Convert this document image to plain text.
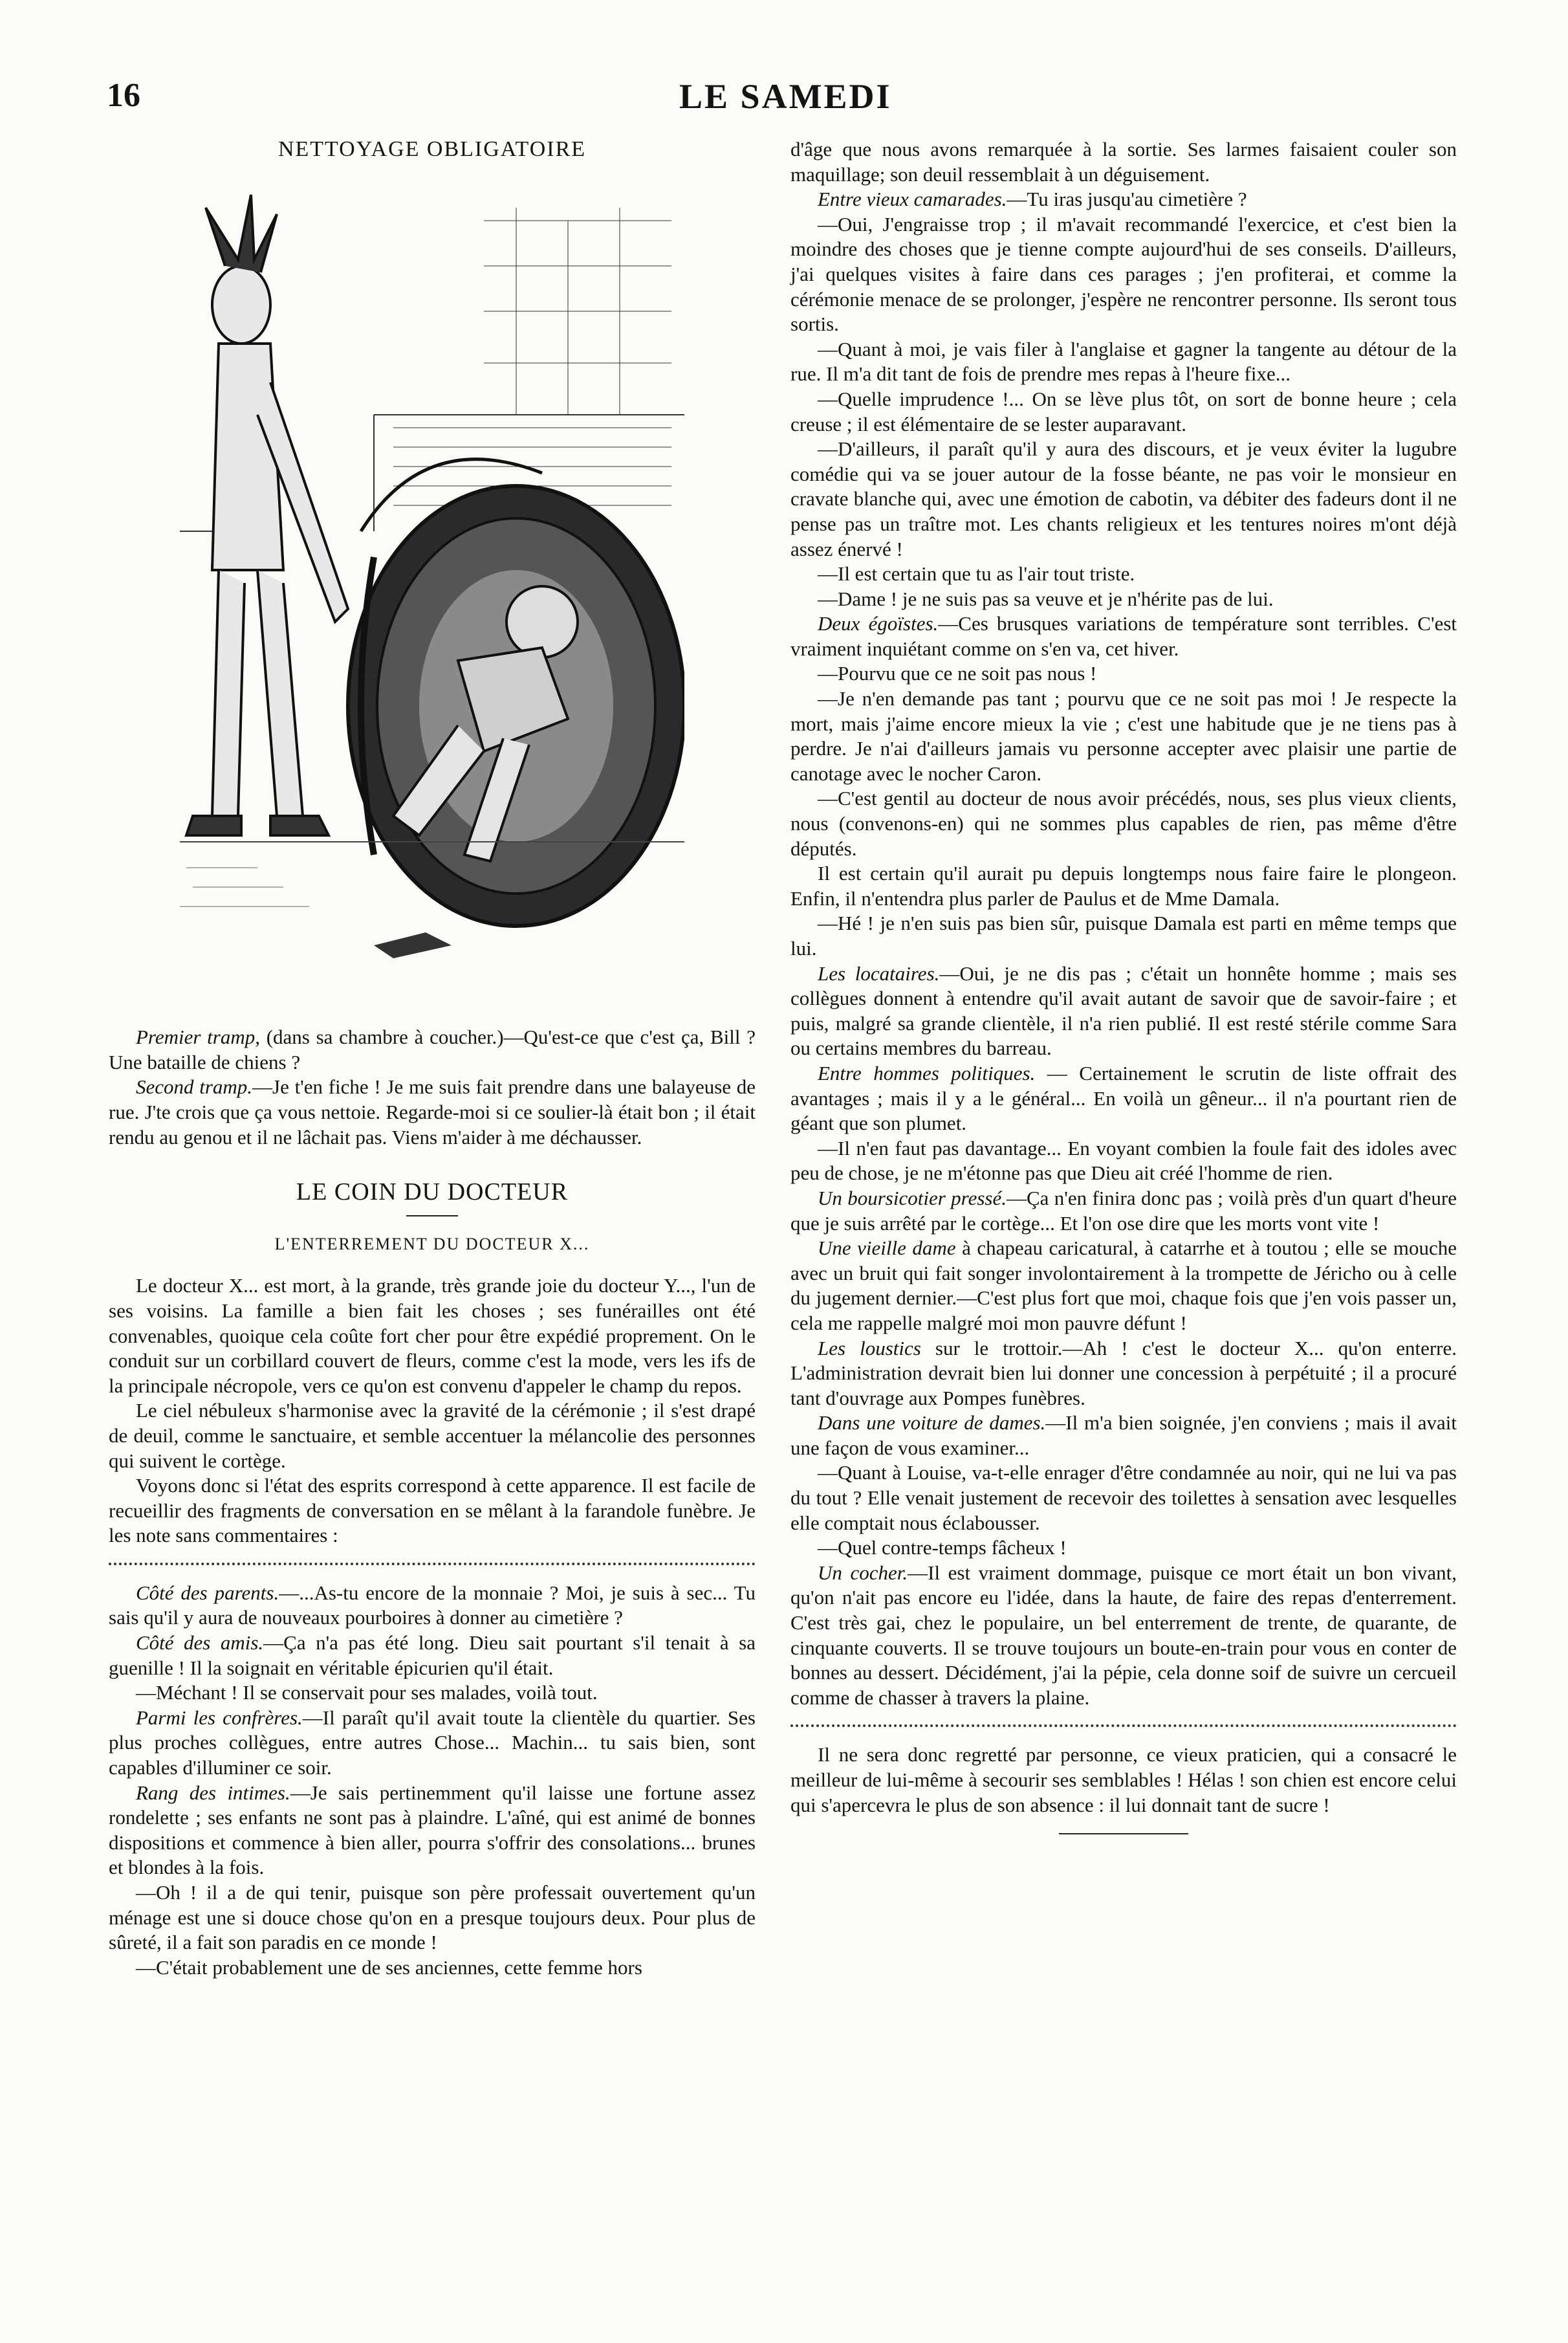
16	LE SAMEDI
NETTOYAGE OBLIGATOIRE

Premier tramp, (dans sa chambre à coucher.)—Qu'est-ce que c'est ça, Bill ? Une bataille de chiens ?

Second tramp.—Je t'en fiche ! Je me suis fait prendre dans une balayeuse de rue. J'te crois que ça vous nettoie. Regarde-moi si ce soulier-là était bon ; il était rendu au genou et il ne lâchait pas. Viens m'aider à me déchausser.

LE COIN DU DOCTEUR
L'ENTERREMENT DU DOCTEUR X...

Le docteur X... est mort, à la grande, très grande joie du docteur Y..., l'un de ses voisins. La famille a bien fait les choses ; ses funérailles ont été convenables, quoique cela coûte fort cher pour être expédié proprement. On le conduit sur un corbillard couvert de fleurs, comme c'est la mode, vers les ifs de la principale nécropole, vers ce qu'on est convenu d'appeler le champ du repos.

Le ciel nébuleux s'harmonise avec la gravité de la cérémonie ; il s'est drapé de deuil, comme le sanctuaire, et semble accentuer la mélancolie des personnes qui suivent le cortège.

Voyons donc si l'état des esprits correspond à cette apparence. Il est facile de recueillir des fragments de conversation en se mêlant à la farandole funèbre. Je les note sans commentaires :

Côté des parents.—...As-tu encore de la monnaie ? Moi, je suis à sec... Tu sais qu'il y aura de nouveaux pourboires à donner au cimetière ?

Côté des amis.—Ça n'a pas été long. Dieu sait pourtant s'il tenait à sa guenille ! Il la soignait en véritable épicurien qu'il était.

—Méchant ! Il se conservait pour ses malades, voilà tout.

Parmi les confrères.—Il paraît qu'il avait toute la clientèle du quartier. Ses plus proches collègues, entre autres Chose... Machin... tu sais bien, sont capables d'illuminer ce soir.

Rang des intimes.—Je sais pertinemment qu'il laisse une fortune assez rondelette ; ses enfants ne sont pas à plaindre. L'aîné, qui est animé de bonnes dispositions et commence à bien aller, pourra s'offrir des consolations... brunes et blondes à la fois.

—Oh ! il a de qui tenir, puisque son père professait ouvertement qu'un ménage est une si douce chose qu'on en a presque toujours deux. Pour plus de sûreté, il a fait son paradis en ce monde !

—C'était probablement une de ses anciennes, cette femme hors

d'âge que nous avons remarquée à la sortie. Ses larmes faisaient couler son maquillage; son deuil ressemblait à un déguisement.

Entre vieux camarades.—Tu iras jusqu'au cimetière ?

—Oui, J'engraisse trop ; il m'avait recommandé l'exercice, et c'est bien la moindre des choses que je tienne compte aujourd'hui de ses conseils. D'ailleurs, j'ai quelques visites à faire dans ces parages ; j'en profiterai, et comme la cérémonie menace de se prolonger, j'espère ne rencontrer personne. Ils seront tous sortis.

—Quant à moi, je vais filer à l'anglaise et gagner la tangente au détour de la rue. Il m'a dit tant de fois de prendre mes repas à l'heure fixe...

—Quelle imprudence !... On se lève plus tôt, on sort de bonne heure ; cela creuse ; il est élémentaire de se lester auparavant.

—D'ailleurs, il paraît qu'il y aura des discours, et je veux éviter la lugubre comédie qui va se jouer autour de la fosse béante, ne pas voir le monsieur en cravate blanche qui, avec une émotion de cabotin, va débiter des fadeurs dont il ne pense pas un traître mot. Les chants religieux et les tentures noires m'ont déjà assez énervé !

—Il est certain que tu as l'air tout triste.

—Dame ! je ne suis pas sa veuve et je n'hérite pas de lui.

Deux égoïstes.—Ces brusques variations de température sont terribles. C'est vraiment inquiétant comme on s'en va, cet hiver.

—Pourvu que ce ne soit pas nous !

—Je n'en demande pas tant ; pourvu que ce ne soit pas moi ! Je respecte la mort, mais j'aime encore mieux la vie ; c'est une habitude que je ne tiens pas à perdre. Je n'ai d'ailleurs jamais vu personne accepter avec plaisir une partie de canotage avec le nocher Caron.

—C'est gentil au docteur de nous avoir précédés, nous, ses plus vieux clients, nous (convenons-en) qui ne sommes plus capables de rien, pas même d'être députés.

Il est certain qu'il aurait pu depuis longtemps nous faire faire le plongeon. Enfin, il n'entendra plus parler de Paulus et de Mme Damala.

—Hé ! je n'en suis pas bien sûr, puisque Damala est parti en même temps que lui.

Les locataires.—Oui, je ne dis pas ; c'était un honnête homme ; mais ses collègues donnent à entendre qu'il avait autant de savoir que de savoir-faire ; et puis, malgré sa grande clientèle, il n'a rien publié. Il est resté stérile comme Sara ou certains membres du barreau.

Entre hommes politiques. — Certainement le scrutin de liste offrait des avantages ; mais il y a le général... En voilà un gêneur... il n'a pourtant rien de géant que son plumet.

—Il n'en faut pas davantage... En voyant combien la foule fait des idoles avec peu de chose, je ne m'étonne pas que Dieu ait créé l'homme de rien.

Un boursicotier pressé.—Ça n'en finira donc pas ; voilà près d'un quart d'heure que je suis arrêté par le cortège... Et l'on ose dire que les morts vont vite !

Une vieille dame à chapeau caricatural, à catarrhe et à toutou ; elle se mouche avec un bruit qui fait songer involontairement à la trompette de Jéricho ou à celle du jugement dernier.—C'est plus fort que moi, chaque fois que j'en vois passer un, cela me rappelle malgré moi mon pauvre défunt !

Les loustics sur le trottoir.—Ah ! c'est le docteur X... qu'on enterre. L'administration devrait bien lui donner une concession à perpétuité ; il a procuré tant d'ouvrage aux Pompes funèbres.

Dans une voiture de dames.—Il m'a bien soignée, j'en conviens ; mais il avait une façon de vous examiner...

—Quant à Louise, va-t-elle enrager d'être condamnée au noir, qui ne lui va pas du tout ? Elle venait justement de recevoir des toilettes à sensation avec lesquelles elle comptait nous éclabousser.

—Quel contre-temps fâcheux !

Un cocher.—Il est vraiment dommage, puisque ce mort était un bon vivant, qu'on n'ait pas encore eu l'idée, dans la haute, de faire des repas d'enterrement. C'est très gai, chez le populaire, un bel enterrement de trente, de quarante, de cinquante couverts. Il se trouve toujours un boute-en-train pour vous en conter de bonnes au dessert. Décidément, j'ai la pépie, cela donne soif de suivre un cercueil comme de chasser à travers la plaine.

Il ne sera donc regretté par personne, ce vieux praticien, qui a consacré le meilleur de lui-même à secourir ses semblables ! Hélas ! son chien est encore celui qui s'apercevra le plus de son absence : il lui donnait tant de sucre !
